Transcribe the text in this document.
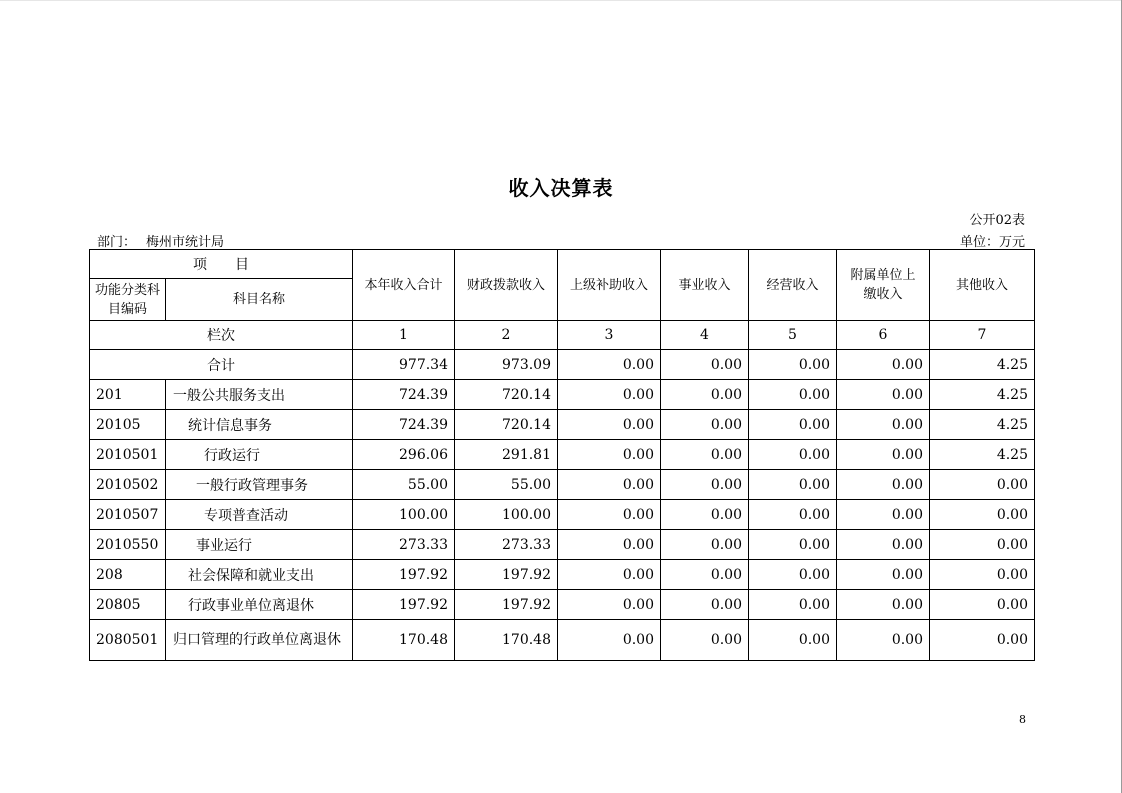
收入决算表
公开02表
部门： 梅州市统计局	单位：万元
项　　目		本年收入合计	财政拨款收入	上级补助收入	事业收入	经营收入	附属单位上缴收入	其他收入
功能分类科目编码	科目名称							
栏次		1	2	3	4	5	6	7
合计		977.34	973.09	0.00	0.00	0.00	0.00	4.25
201	一般公共服务支出	724.39	720.14	0.00	0.00	0.00	0.00	4.25
20105	统计信息事务	724.39	720.14	0.00	0.00	0.00	0.00	4.25
2010501	行政运行	296.06	291.81	0.00	0.00	0.00	0.00	4.25
2010502	一般行政管理事务	55.00	55.00	0.00	0.00	0.00	0.00	0.00
2010507	专项普查活动	100.00	100.00	0.00	0.00	0.00	0.00	0.00
2010550	事业运行	273.33	273.33	0.00	0.00	0.00	0.00	0.00
208	社会保障和就业支出	197.92	197.92	0.00	0.00	0.00	0.00	0.00
20805	行政事业单位离退休	197.92	197.92	0.00	0.00	0.00	0.00	0.00
2080501	归口管理的行政单位离退休	170.48	170.48	0.00	0.00	0.00	0.00	0.00
8
